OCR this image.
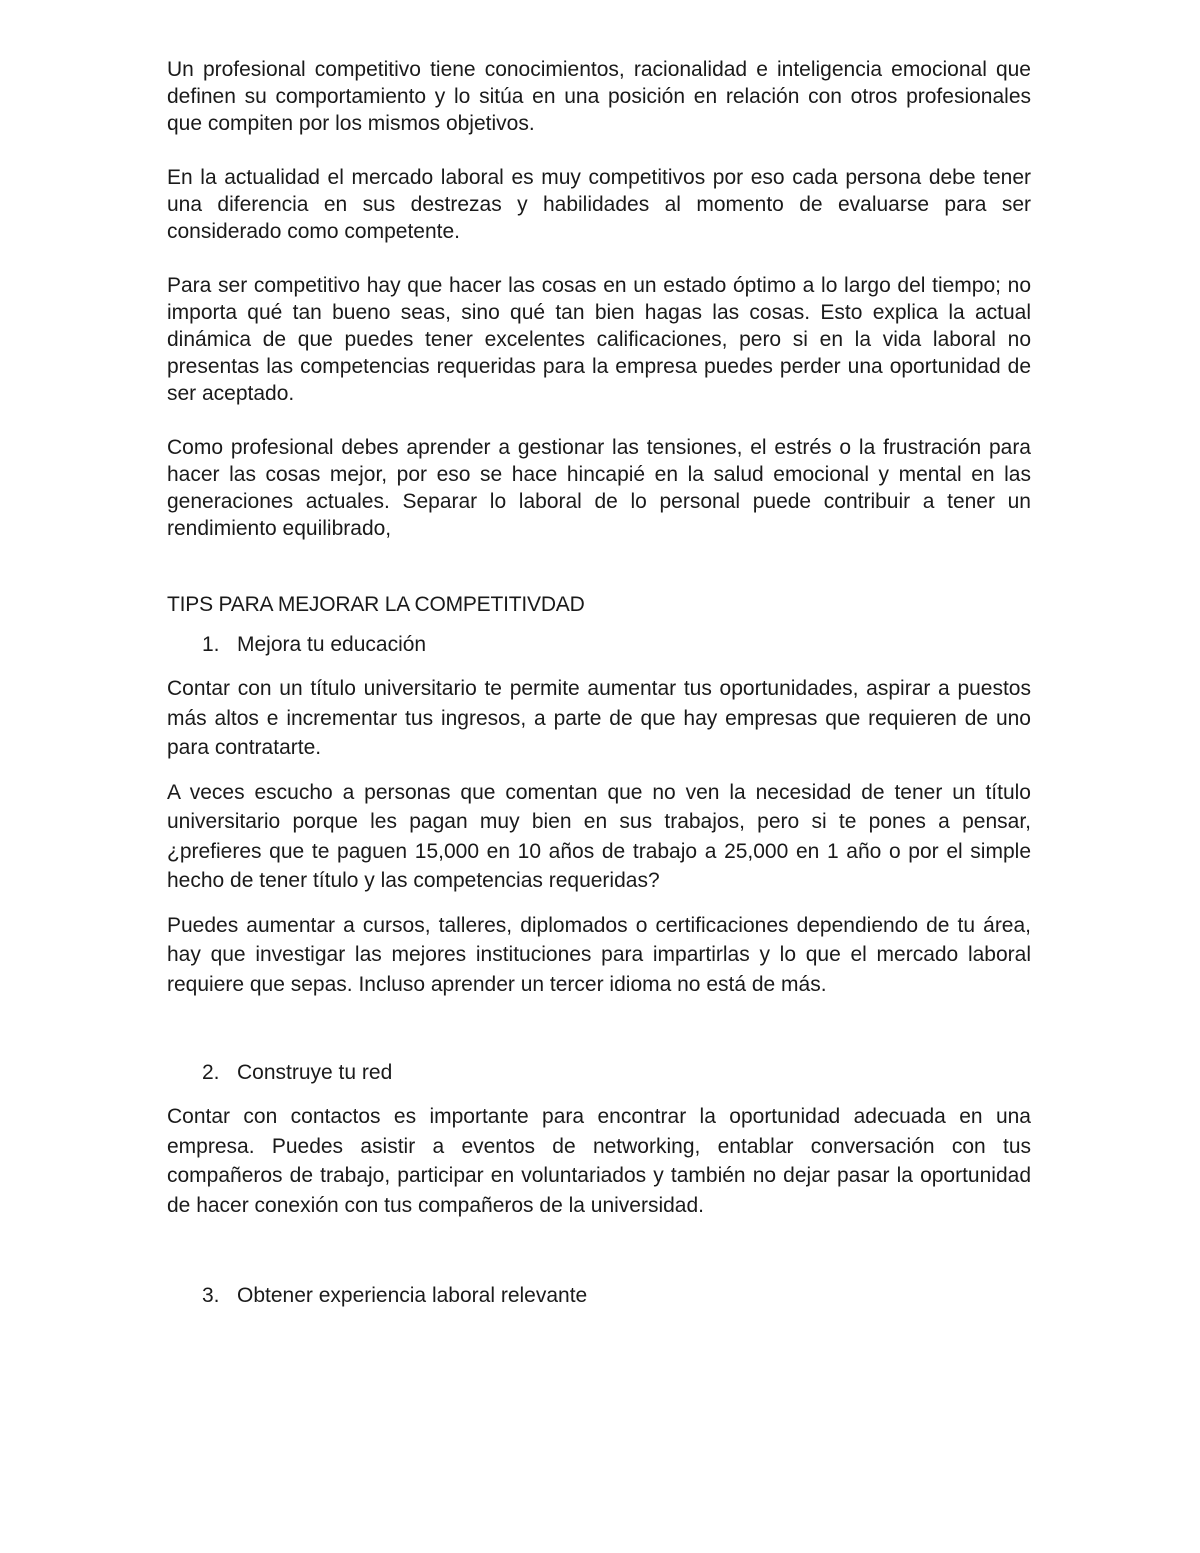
Un profesional competitivo tiene conocimientos, racionalidad e inteligencia emocional que definen su comportamiento y lo sitúa en una posición en relación con otros profesionales que compiten por los mismos objetivos.

En la actualidad el mercado laboral es muy competitivos por eso cada persona debe tener una diferencia en sus destrezas y habilidades al momento de evaluarse para ser considerado como competente.

Para ser competitivo hay que hacer las cosas en un estado óptimo a lo largo del tiempo; no importa qué tan bueno seas, sino qué tan bien hagas las cosas. Esto explica la actual dinámica de que puedes tener excelentes calificaciones, pero si en la vida laboral no presentas las competencias requeridas para la empresa puedes perder una oportunidad de ser aceptado.

Como profesional debes aprender a gestionar las tensiones, el estrés o la frustración para hacer las cosas mejor, por eso se hace hincapié en la salud emocional y mental en las generaciones actuales. Separar lo laboral de lo personal puede contribuir a tener un rendimiento equilibrado,

TIPS PARA MEJORAR LA COMPETITIVDAD
1. Mejora tu educación

Contar con un título universitario te permite aumentar tus oportunidades, aspirar a puestos más altos e incrementar tus ingresos, a parte de que hay empresas que requieren de uno para contratarte.

A veces escucho a personas que comentan que no ven la necesidad de tener un título universitario porque les pagan muy bien en sus trabajos, pero si te pones a pensar, ¿prefieres que te paguen 15,000 en 10 años de trabajo a 25,000 en 1 año o por el simple hecho de tener título y las competencias requeridas?

Puedes aumentar a cursos, talleres, diplomados o certificaciones dependiendo de tu área, hay que investigar las mejores instituciones para impartirlas y lo que el mercado laboral requiere que sepas. Incluso aprender un tercer idioma no está de más.

2. Construye tu red

Contar con contactos es importante para encontrar la oportunidad adecuada en una empresa. Puedes asistir a eventos de networking, entablar conversación con tus compañeros de trabajo, participar en voluntariados y también no dejar pasar la oportunidad de hacer conexión con tus compañeros de la universidad.

3. Obtener experiencia laboral relevante
